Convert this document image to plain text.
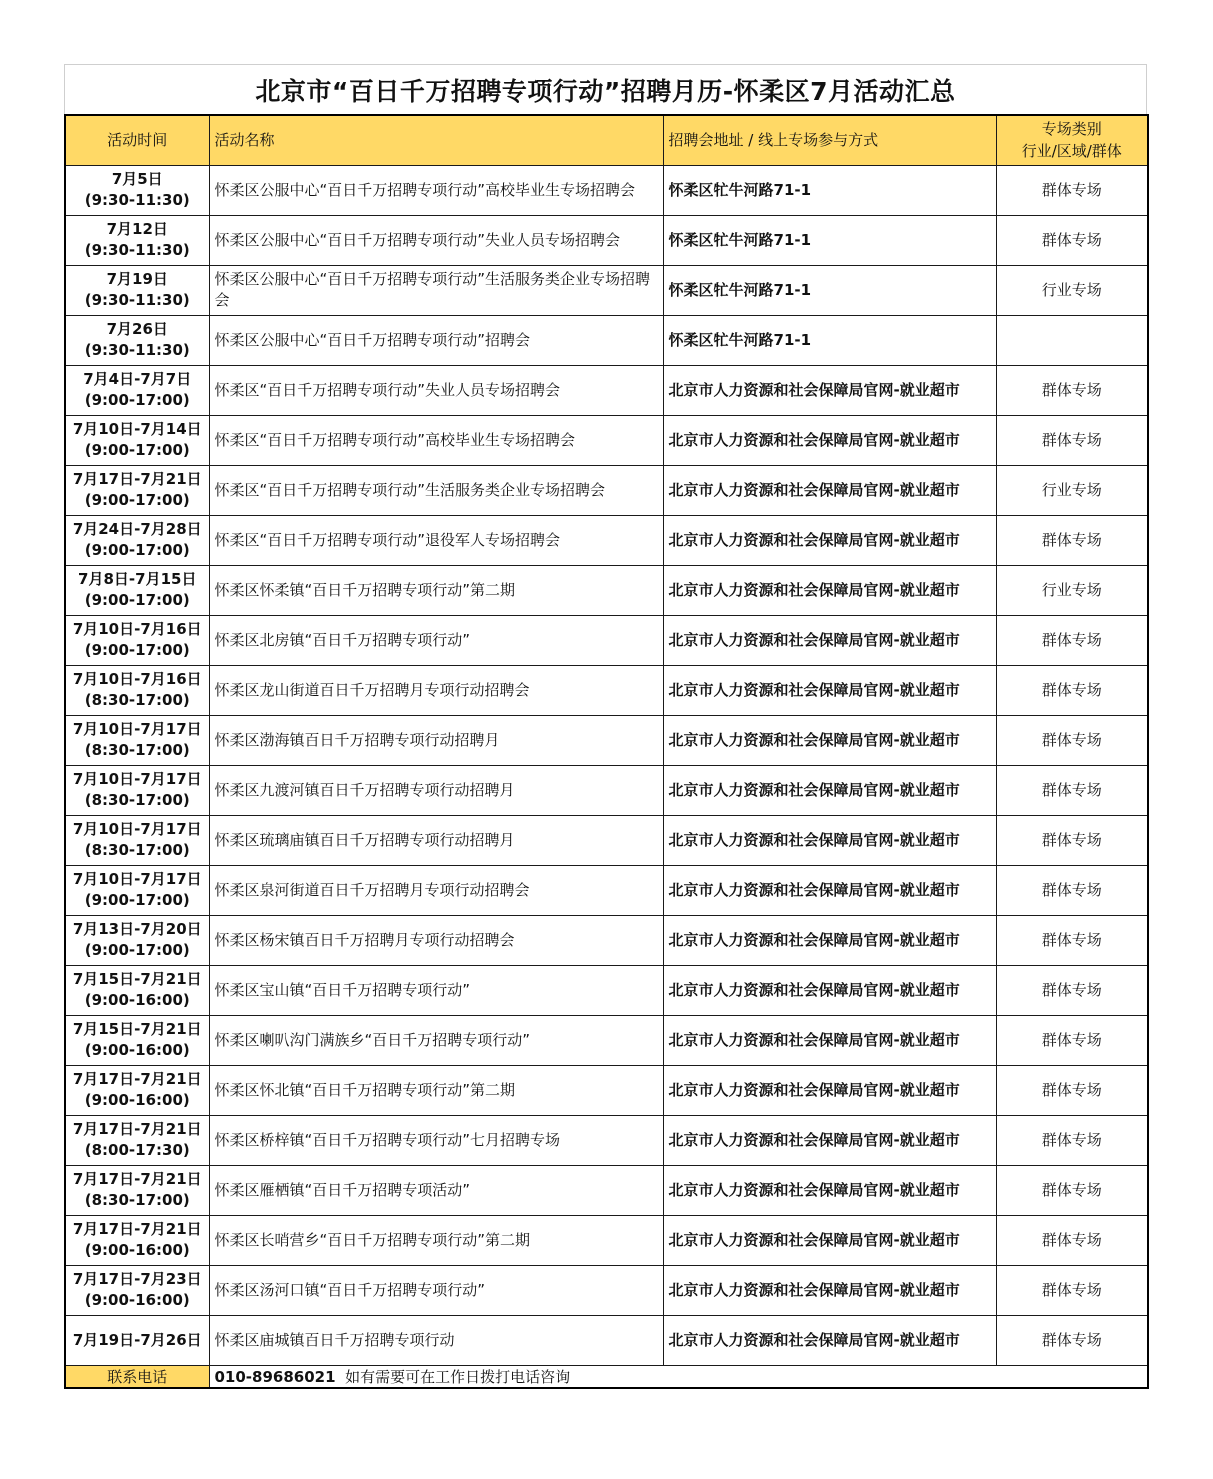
北京市“百日千万招聘专项行动”招聘月历-怀柔区7月活动汇总
活动时间	活动名称	招聘会地址 / 线上专场参与方式	专场类别
行业/区域/群体

7月5日
(9:30-11:30)	怀柔区公服中心“百日千万招聘专项行动”高校毕业生专场招聘会	怀柔区牤牛河路71-1	群体专场

7月12日
(9:30-11:30)	怀柔区公服中心“百日千万招聘专项行动”失业人员专场招聘会	怀柔区牤牛河路71-1	群体专场

7月19日
(9:30-11:30)	怀柔区公服中心“百日千万招聘专项行动”生活服务类企业专场招聘会	怀柔区牤牛河路71-1	行业专场

7月26日
(9:30-11:30)	怀柔区公服中心“百日千万招聘专项行动”招聘会	怀柔区牤牛河路71-1	

7月4日-7月7日
(9:00-17:00)	怀柔区“百日千万招聘专项行动”失业人员专场招聘会	北京市人力资源和社会保障局官网-就业超市	群体专场

7月10日-7月14日
(9:00-17:00)	怀柔区“百日千万招聘专项行动”高校毕业生专场招聘会	北京市人力资源和社会保障局官网-就业超市	群体专场

7月17日-7月21日
(9:00-17:00)	怀柔区“百日千万招聘专项行动”生活服务类企业专场招聘会	北京市人力资源和社会保障局官网-就业超市	行业专场

7月24日-7月28日
(9:00-17:00)	怀柔区“百日千万招聘专项行动”退役军人专场招聘会	北京市人力资源和社会保障局官网-就业超市	群体专场

7月8日-7月15日
(9:00-17:00)	怀柔区怀柔镇“百日千万招聘专项行动”第二期	北京市人力资源和社会保障局官网-就业超市	行业专场

7月10日-7月16日
(9:00-17:00)	怀柔区北房镇“百日千万招聘专项行动”	北京市人力资源和社会保障局官网-就业超市	群体专场

7月10日-7月16日
(8:30-17:00)	怀柔区龙山街道百日千万招聘月专项行动招聘会	北京市人力资源和社会保障局官网-就业超市	群体专场

7月10日-7月17日
(8:30-17:00)	怀柔区渤海镇百日千万招聘专项行动招聘月	北京市人力资源和社会保障局官网-就业超市	群体专场

7月10日-7月17日
(8:30-17:00)	怀柔区九渡河镇百日千万招聘专项行动招聘月	北京市人力资源和社会保障局官网-就业超市	群体专场

7月10日-7月17日
(8:30-17:00)	怀柔区琉璃庙镇百日千万招聘专项行动招聘月	北京市人力资源和社会保障局官网-就业超市	群体专场

7月10日-7月17日
(9:00-17:00)	怀柔区泉河街道百日千万招聘月专项行动招聘会	北京市人力资源和社会保障局官网-就业超市	群体专场

7月13日-7月20日
(9:00-17:00)	怀柔区杨宋镇百日千万招聘月专项行动招聘会	北京市人力资源和社会保障局官网-就业超市	群体专场

7月15日-7月21日
(9:00-16:00)	怀柔区宝山镇“百日千万招聘专项行动”	北京市人力资源和社会保障局官网-就业超市	群体专场

7月15日-7月21日
(9:00-16:00)	怀柔区喇叭沟门满族乡“百日千万招聘专项行动”	北京市人力资源和社会保障局官网-就业超市	群体专场

7月17日-7月21日
(9:00-16:00)	怀柔区怀北镇“百日千万招聘专项行动”第二期	北京市人力资源和社会保障局官网-就业超市	群体专场

7月17日-7月21日
(8:00-17:30)	怀柔区桥梓镇“百日千万招聘专项行动”七月招聘专场	北京市人力资源和社会保障局官网-就业超市	群体专场

7月17日-7月21日
(8:30-17:00)	怀柔区雁栖镇“百日千万招聘专项活动”	北京市人力资源和社会保障局官网-就业超市	群体专场

7月17日-7月21日
(9:00-16:00)	怀柔区长哨营乡“百日千万招聘专项行动”第二期	北京市人力资源和社会保障局官网-就业超市	群体专场

7月17日-7月23日
(9:00-16:00)	怀柔区汤河口镇“百日千万招聘专项行动”	北京市人力资源和社会保障局官网-就业超市	群体专场

7月19日-7月26日	怀柔区庙城镇百日千万招聘专项行动	北京市人力资源和社会保障局官网-就业超市	群体专场
联系电话	010-89686021 如有需要可在工作日拨打电话咨询		
